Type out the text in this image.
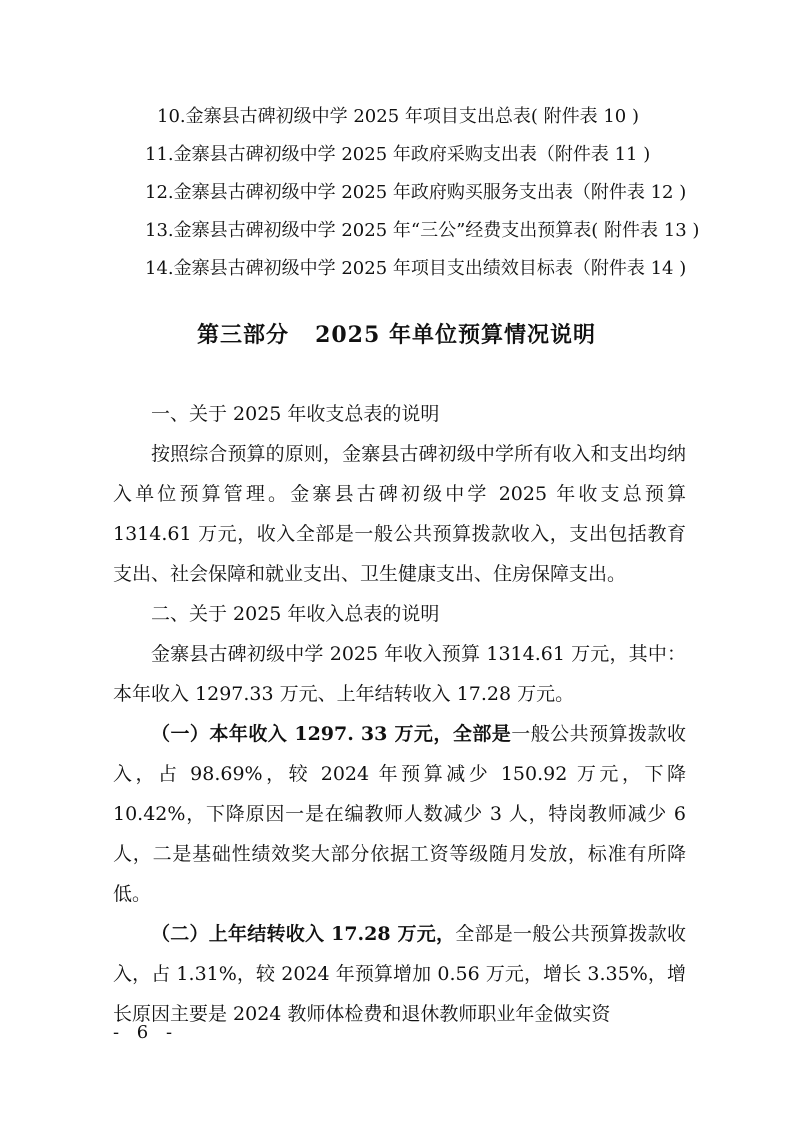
10.金寨县古碑初级中学 2025 年项目支出总表( 附件表 10 )
11.金寨县古碑初级中学 2025 年政府采购支出表（附件表 11 )
12.金寨县古碑初级中学 2025 年政府购买服务支出表（附件表 12 )
13.金寨县古碑初级中学 2025 年“三公”经费支出预算表( 附件表 13 )
14.金寨县古碑初级中学 2025 年项目支出绩效目标表（附件表 14 )
第三部分 2025 年单位预算情况说明
一、关于 2025 年收支总表的说明
按照综合预算的原则，金寨县古碑初级中学所有收入和支出均纳入单位预算管理。金寨县古碑初级中学 2025 年收支总预算 1314.61 万元，收入全部是一般公共预算拨款收入，支出包括教育支出、社会保障和就业支出、卫生健康支出、住房保障支出。
二、关于 2025 年收入总表的说明
金寨县古碑初级中学 2025 年收入预算 1314.61 万元，其中：本年收入 1297.33 万元、上年结转收入 17.28 万元。
（一）本年收入 1297. 33 万元，全部是一般公共预算拨款收入，占 98.69%，较 2024 年预算减少 150.92 万元，下降 10.42%，下降原因一是在编教师人数减少 3 人，特岗教师减少 6 人，二是基础性绩效奖大部分依据工资等级随月发放，标准有所降低。
（二）上年结转收入 17.28 万元，全部是一般公共预算拨款收入，占 1.31%，较 2024 年预算增加 0.56 万元，增长 3.35%，增长原因主要是 2024 教师体检费和退休教师职业年金做实资
- 6 -
